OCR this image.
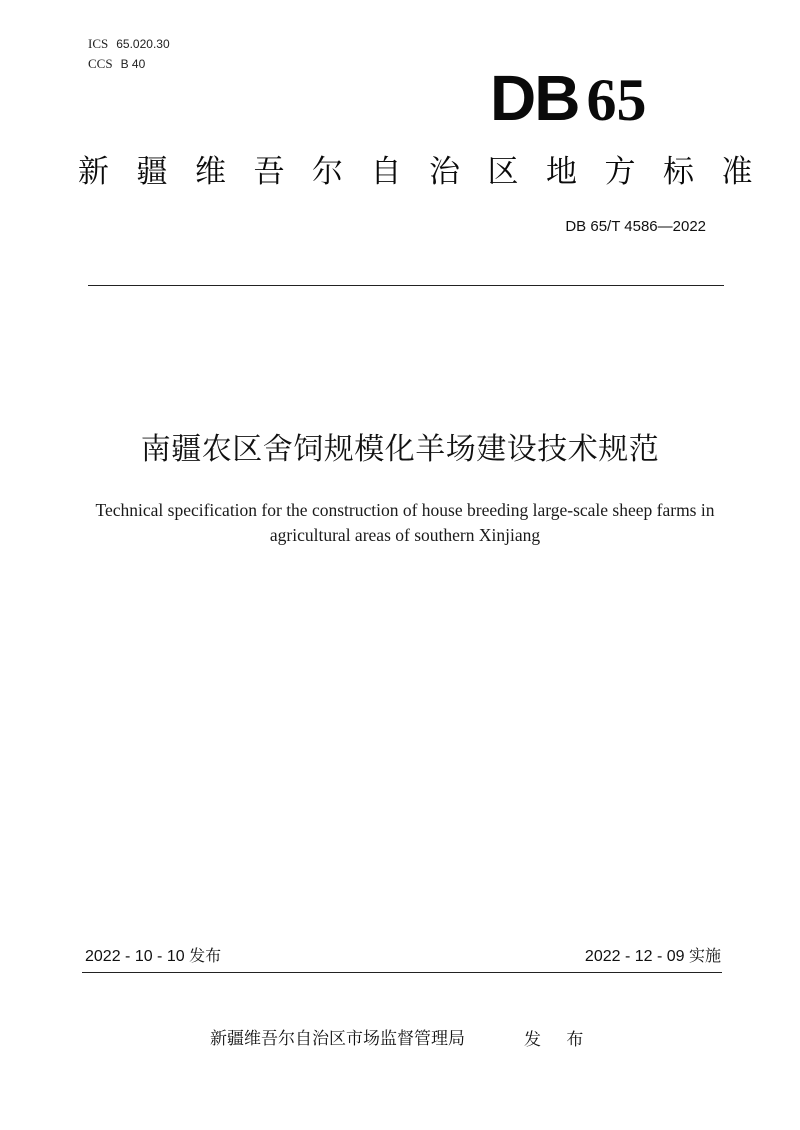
ICS 65.020.30
CCS B 40	DB 65
新疆维吾尔自治区地方标准
DB 65/T 4586—2022
南疆农区舍饲规模化羊场建设技术规范
Technical specification for the construction of house breeding large-scale sheep farms in agricultural areas of southern Xinjiang
2022 - 10 - 10 发布	2022 - 12 - 09 实施
新疆维吾尔自治区市场监督管理局	发 布
